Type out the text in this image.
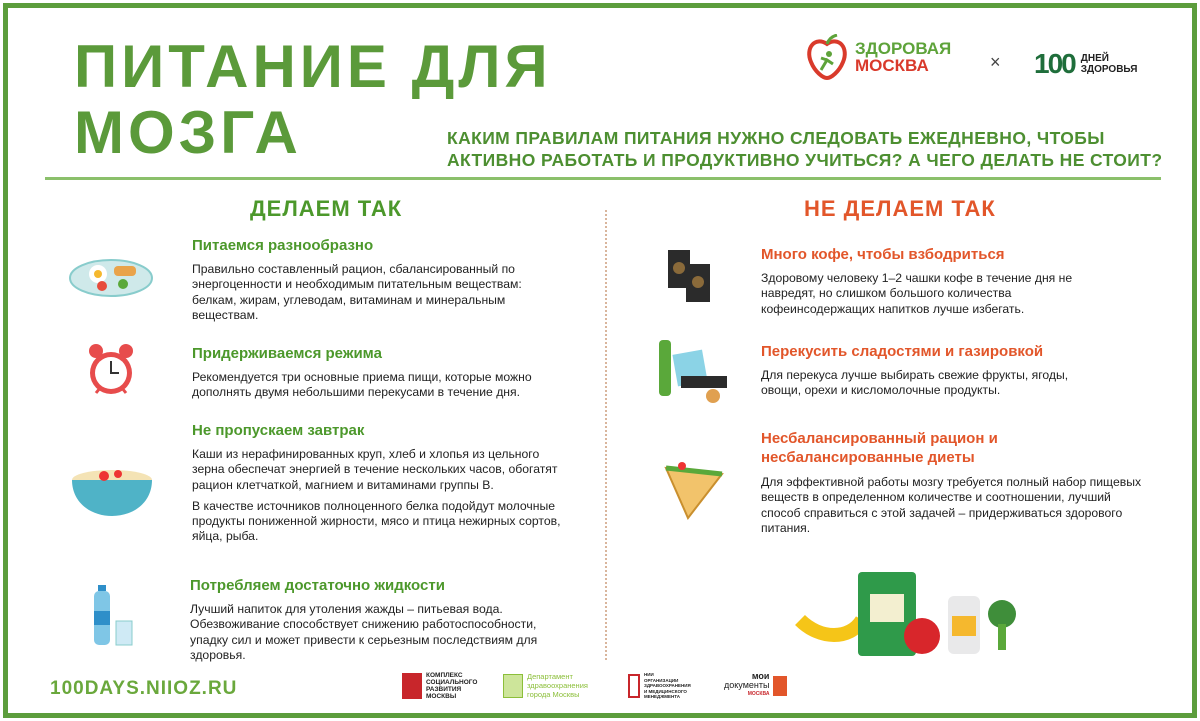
ПИТАНИЕ ДЛЯ
МОЗГА
ЗДОРОВАЯ
МОСКВА	× 100 ДНЕЙ
ЗДОРОВЬЯ
КАКИМ ПРАВИЛАМ ПИТАНИЯ НУЖНО СЛЕДОВАТЬ ЕЖЕДНЕВНО, ЧТОБЫ
АКТИВНО РАБОТАТЬ И ПРОДУКТИВНО УЧИТЬСЯ? А ЧЕГО ДЕЛАТЬ НЕ СТОИТ?
ДЕЛАЕМ ТАК	НЕ ДЕЛАЕМ ТАК
Питаемся разнообразно

Правильно составленный рацион, сбалансированный по энергоценности и необходимым питательным веществам: белкам, жирам, углеводам, витаминам и минеральным веществам.

Придерживаемся режима

Рекомендуется три основные приема пищи, которые можно дополнять двумя небольшими перекусами в течение дня.

Не пропускаем завтрак

Каши из нерафинированных круп, хлеб и хлопья из цельного зерна обеспечат энергией в течение нескольких часов, обогатят рацион клетчаткой, магнием и витаминами группы В.

В качестве источников полноценного белка подойдут молочные продукты пониженной жирности, мясо и птица нежирных сортов, яйца, рыба.

Потребляем достаточно жидкости

Лучший напиток для утоления жажды – питьевая вода. Обезвоживание способствует снижению работоспособности, упадку сил и может привести к серьезным последствиям для здоровья.

Много кофе, чтобы взбодриться

Здоровому человеку 1–2 чашки кофе в течение дня не навредят, но слишком большого количества кофеинсодержащих напитков лучше избегать.

Перекусить сладостями и газировкой

Для перекуса лучше выбирать свежие фрукты, ягоды, овощи, орехи и кисломолочные продукты.

Несбалансированный рацион и несбалансированные диеты

Для эффективной работы мозгу требуется полный набор пищевых веществ в определенном количестве и соотношении, лучший способ справиться с этой задачей – придерживаться здорового питания.

100DAYS.NIIOZ.RU
КОМПЛЕКС
СОЦИАЛЬНОГО
РАЗВИТИЯ
МОСКВЫ
Департамент
здравоохранения
города Москвы
НИИ
ОРГАНИЗАЦИИ
ЗДРАВООХРАНЕНИЯ
И МЕДИЦИНСКОГО
МЕНЕДЖМЕНТА
мои
документы
МОСКВА
